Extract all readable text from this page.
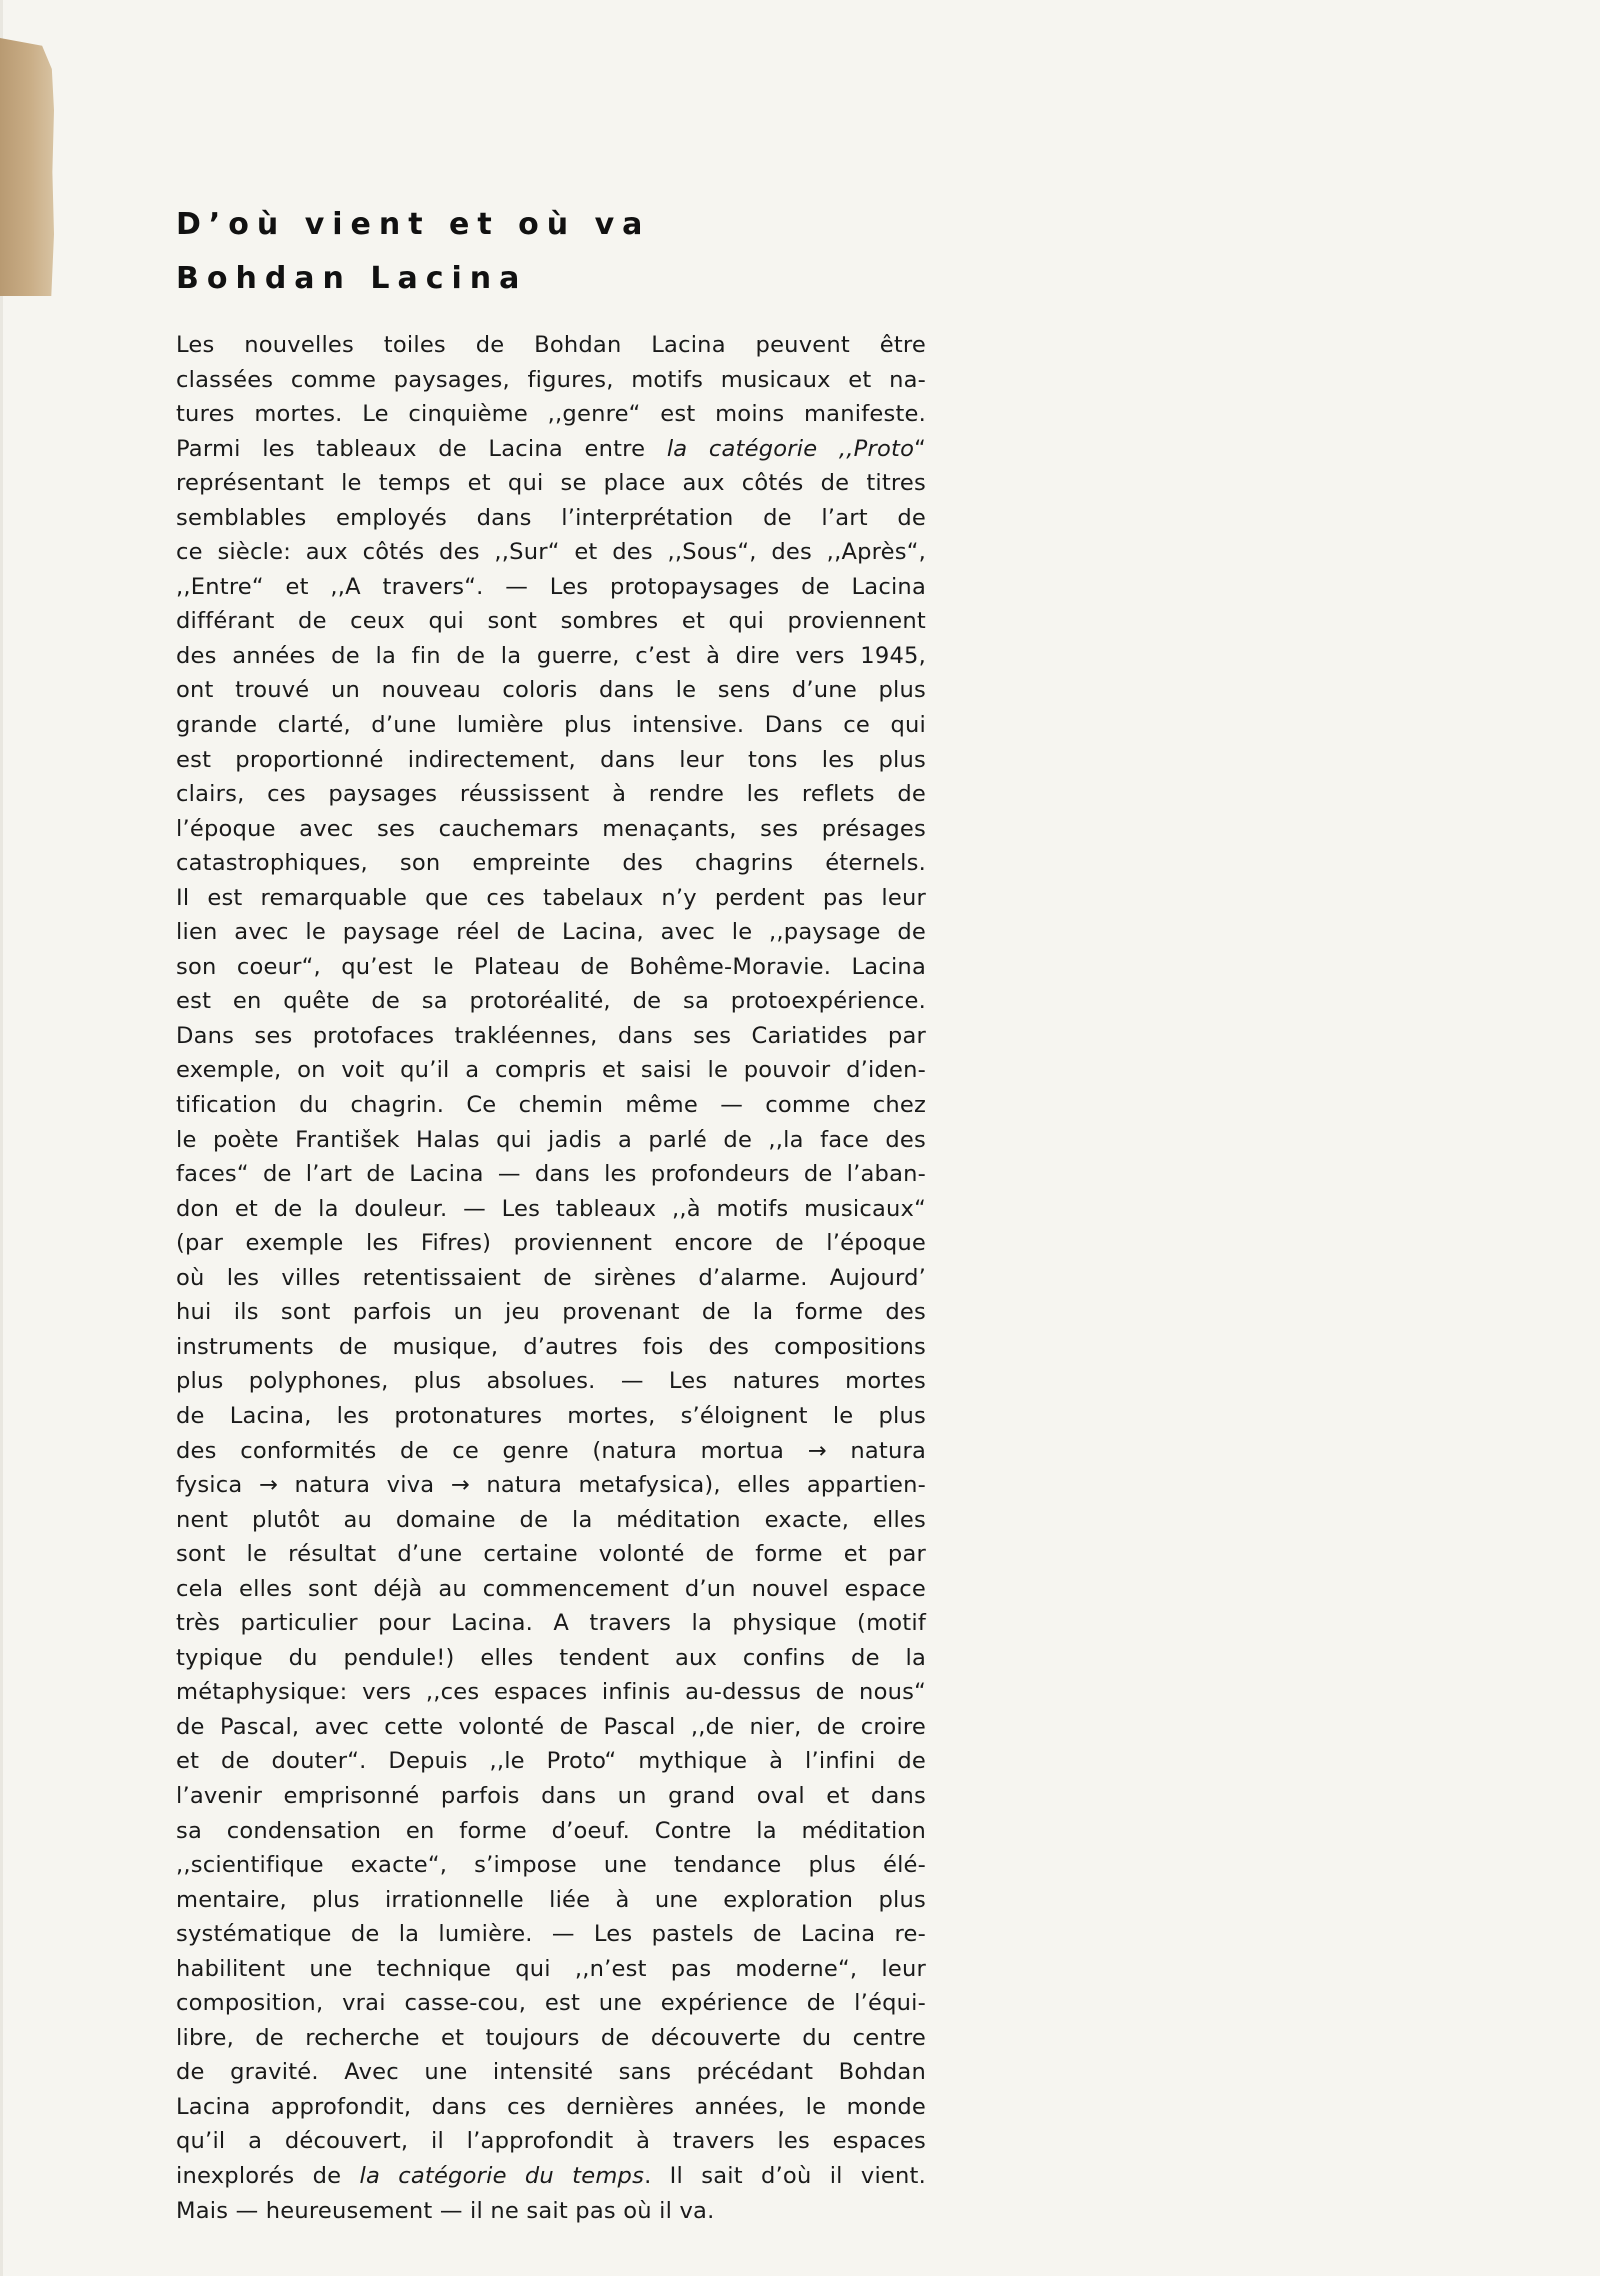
D’où vient et où va
Bohdan Lacina
Les nouvelles toiles de Bohdan Lacina peuvent être
classées comme paysages, figures, motifs musicaux et na-
tures mortes. Le cinquième ,,genre“ est moins manifeste.
Parmi les tableaux de Lacina entre la catégorie ,,Proto“
représentant le temps et qui se place aux côtés de titres
semblables employés dans l’interprétation de l’art de
ce siècle: aux côtés des ,,Sur“ et des ,,Sous“, des ,,Après“,
,,Entre“ et ,,A travers“. — Les protopaysages de Lacina
différant de ceux qui sont sombres et qui proviennent
des années de la fin de la guerre, c’est à dire vers 1945,
ont trouvé un nouveau coloris dans le sens d’une plus
grande clarté, d’une lumière plus intensive. Dans ce qui
est proportionné indirectement, dans leur tons les plus
clairs, ces paysages réussissent à rendre les reflets de
l’époque avec ses cauchemars menaçants, ses présages
catastrophiques, son empreinte des chagrins éternels.
Il est remarquable que ces tabelaux n’y perdent pas leur
lien avec le paysage réel de Lacina, avec le ,,paysage de
son coeur“, qu’est le Plateau de Bohême-Moravie. Lacina
est en quête de sa protoréalité, de sa protoexpérience.
Dans ses protofaces trakléennes, dans ses Cariatides par
exemple, on voit qu’il a compris et saisi le pouvoir d’iden-
tification du chagrin. Ce chemin même — comme chez
le poète František Halas qui jadis a parlé de ,,la face des
faces“ de l’art de Lacina — dans les profondeurs de l’aban-
don et de la douleur. — Les tableaux ,,à motifs musicaux“
(par exemple les Fifres) proviennent encore de l’époque
où les villes retentissaient de sirènes d’alarme. Aujourd’
hui ils sont parfois un jeu provenant de la forme des
instruments de musique, d’autres fois des compositions
plus polyphones, plus absolues. — Les natures mortes
de Lacina, les protonatures mortes, s’éloignent le plus
des conformités de ce genre (natura mortua → natura
fysica → natura viva → natura metafysica), elles appartien-
nent plutôt au domaine de la méditation exacte, elles
sont le résultat d’une certaine volonté de forme et par
cela elles sont déjà au commencement d’un nouvel espace
très particulier pour Lacina. A travers la physique (motif
typique du pendule!) elles tendent aux confins de la
métaphysique: vers ,,ces espaces infinis au-dessus de nous“
de Pascal, avec cette volonté de Pascal ,,de nier, de croire
et de douter“. Depuis ,,le Proto“ mythique à l’infini de
l’avenir emprisonné parfois dans un grand oval et dans
sa condensation en forme d’oeuf. Contre la méditation
,,scientifique exacte“, s’impose une tendance plus élé-
mentaire, plus irrationnelle liée à une exploration plus
systématique de la lumière. — Les pastels de Lacina re-
habilitent une technique qui ,,n’est pas moderne“, leur
composition, vrai casse-cou, est une expérience de l’équi-
libre, de recherche et toujours de découverte du centre
de gravité. Avec une intensité sans précédant Bohdan
Lacina approfondit, dans ces dernières années, le monde
qu’il a découvert, il l’approfondit à travers les espaces
inexplorés de la catégorie du temps. Il sait d’où il vient.
Mais — heureusement — il ne sait pas où il va.
